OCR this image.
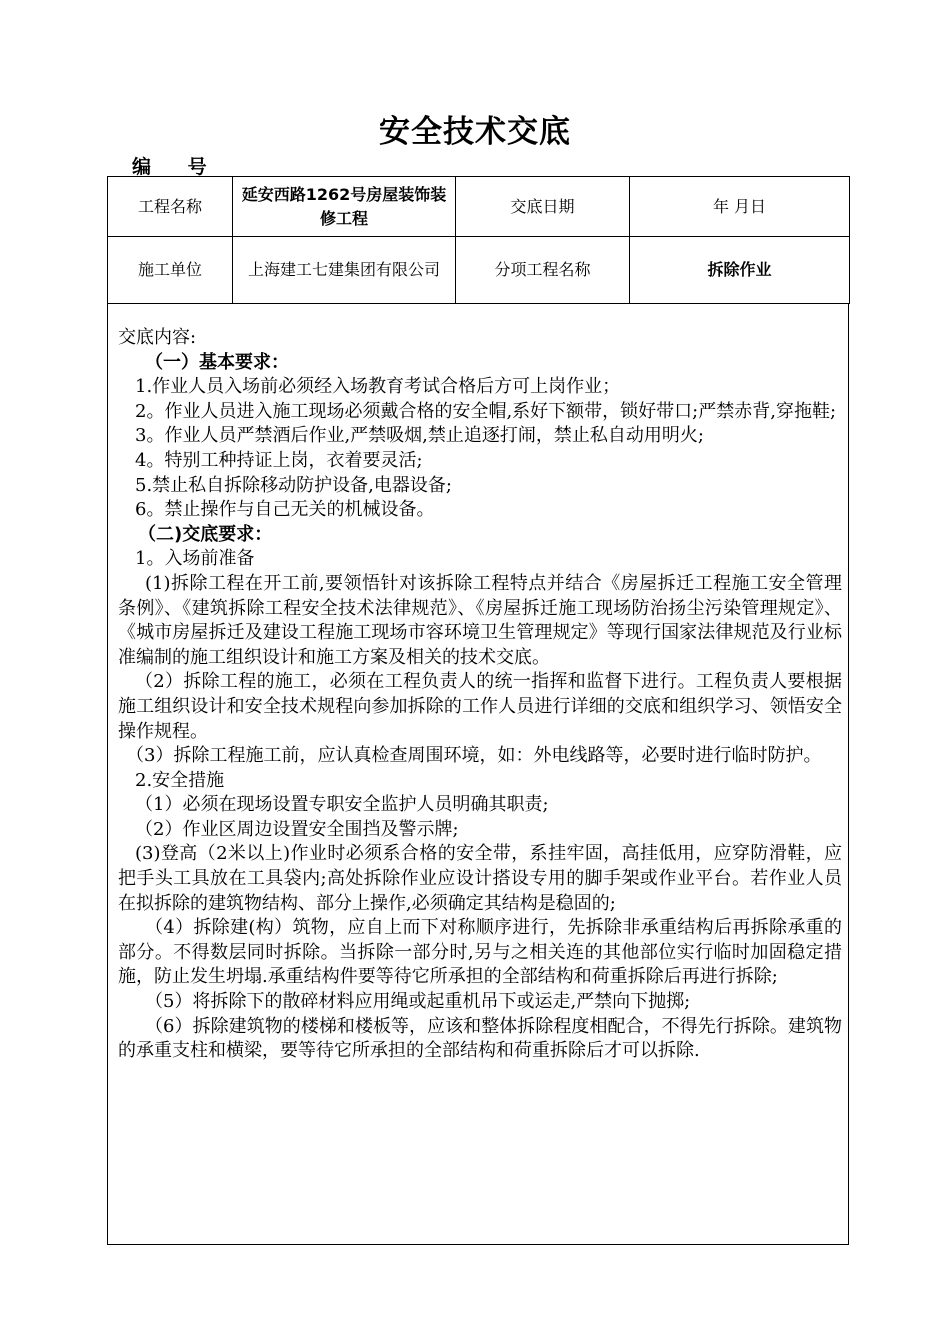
安全技术交底
编 号
工程名称	延安西路1262号房屋装饰装修工程	交底日期	年 月日
施工单位	上海建工七建集团有限公司	分项工程名称	拆除作业
交底内容:
（一）基本要求：
1.作业人员入场前必须经入场教育考试合格后方可上岗作业；
2。作业人员进入施工现场必须戴合格的安全帽,系好下额带，锁好带口;严禁赤背,穿拖鞋;
3。作业人员严禁酒后作业,严禁吸烟,禁止追逐打闹，禁止私自动用明火;
4。特别工种持证上岗，衣着要灵活;
5.禁止私自拆除移动防护设备,电器设备;
6。禁止操作与自己无关的机械设备。
（二)交底要求：
1。入场前准备
(1)拆除工程在开工前,要领悟针对该拆除工程特点并结合《房屋拆迁工程施工安全管理条例》、《建筑拆除工程安全技术法律规范》、《房屋拆迁施工现场防治扬尘污染管理规定》、《城市房屋拆迁及建设工程施工现场市容环境卫生管理规定》等现行国家法律规范及行业标准编制的施工组织设计和施工方案及相关的技术交底。
（2）拆除工程的施工，必须在工程负责人的统一指挥和监督下进行。工程负责人要根据施工组织设计和安全技术规程向参加拆除的工作人员进行详细的交底和组织学习、领悟安全操作规程。
（3）拆除工程施工前，应认真检查周围环境，如：外电线路等，必要时进行临时防护。
2.安全措施
（1）必须在现场设置专职安全监护人员明确其职责;
（2）作业区周边设置安全围挡及警示牌;
(3)登高（2米以上)作业时必须系合格的安全带，系挂牢固，高挂低用，应穿防滑鞋，应把手头工具放在工具袋内;高处拆除作业应设计搭设专用的脚手架或作业平台。若作业人员在拟拆除的建筑物结构、部分上操作,必须确定其结构是稳固的;
（4）拆除建(构）筑物，应自上而下对称顺序进行，先拆除非承重结构后再拆除承重的部分。不得数层同时拆除。当拆除一部分时,另与之相关连的其他部位实行临时加固稳定措施，防止发生坍塌.承重结构件要等待它所承担的全部结构和荷重拆除后再进行拆除;
（5）将拆除下的散碎材料应用绳或起重机吊下或运走,严禁向下抛掷;
（6）拆除建筑物的楼梯和楼板等，应该和整体拆除程度相配合，不得先行拆除。建筑物的承重支柱和横梁，要等待它所承担的全部结构和荷重拆除后才可以拆除.
